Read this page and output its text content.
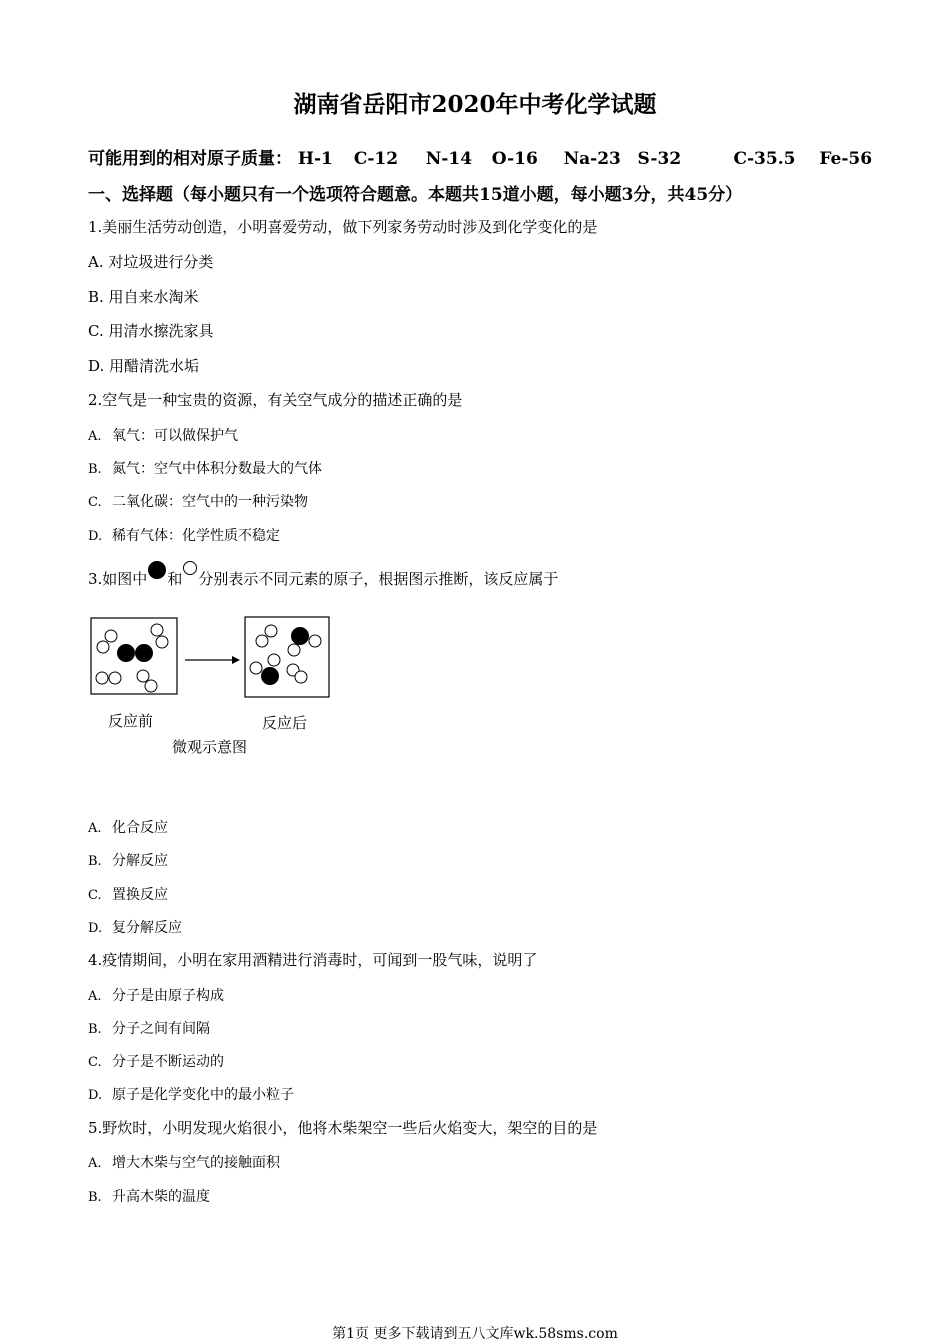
湖南省岳阳市2020年中考化学试题
可能用到的相对原子质量： H-1 C-12 N-14 O-16 Na-23 S-32	C-35.5 Fe-56
一、选择题（每小题只有一个选项符合题意。本题共15道小题，每小题3分，共45分）
1.美丽生活劳动创造，小明喜爱劳动，做下列家务劳动时涉及到化学变化的是
A. 对垃圾进行分类
B. 用自来水淘米
C. 用清水擦洗家具
D. 用醋清洗水垢
2.空气是一种宝贵的资源，有关空气成分的描述正确的是
A. 氧气：可以做保护气
B. 氮气：空气中体积分数最大的气体
C. 二氧化碳：空气中的一种污染物
D. 稀有气体：化学性质不稳定
3.如图中 和 分别表示不同元素的原子，根据图示推断，该反应属于
反应前	反应后
微观示意图
A. 化合反应
B. 分解反应
C. 置换反应
D. 复分解反应
4.疫情期间，小明在家用酒精进行消毒时，可闻到一股气味，说明了
A. 分子是由原子构成
B. 分子之间有间隔
C. 分子是不断运动的
D. 原子是化学变化中的最小粒子
5.野炊时，小明发现火焰很小，他将木柴架空一些后火焰变大，架空的目的是
A. 增大木柴与空气的接触面积
B. 升高木柴的温度
第1页 更多下载请到五八文库wk.58sms.com
